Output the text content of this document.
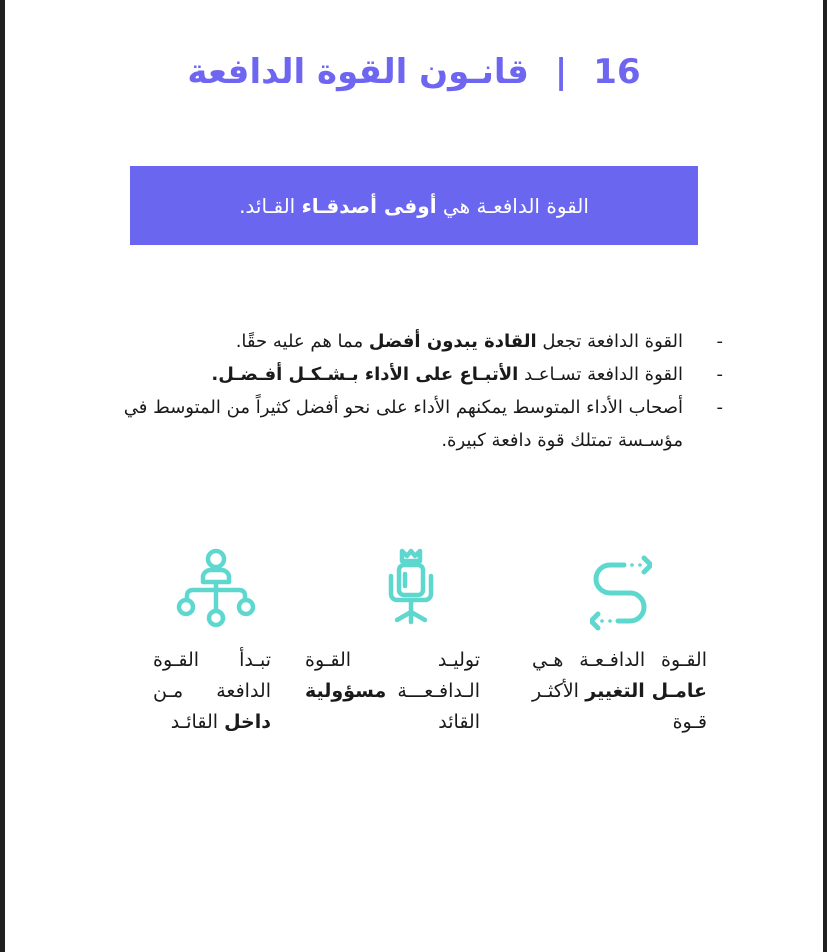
16|قانـون القوة الدافعة
القوة الدافعـة هي أوفى أصدقـاء القـائد.
-
القوة الدافعة تجعل القادة يبدون أفضل مما هم عليه حقًا.
-
القوة الدافعة تسـاعـد الأتبـاع على الأداء بـشـكـل أفـضـل.
-
أصحاب الأداء المتوسط يمكنهم الأداء على نحو أفضل كثيراً من المتوسط في مؤسـسة تمتلك قوة دافعة كبيرة.
القـوة الدافـعـة هـي عامـل التغيير الأكثـر قـوة
توليـد القـوة الـدافـعـــة مسؤولية القائد
تبـدأ القـوة الدافعة مـن داخل القائـد
